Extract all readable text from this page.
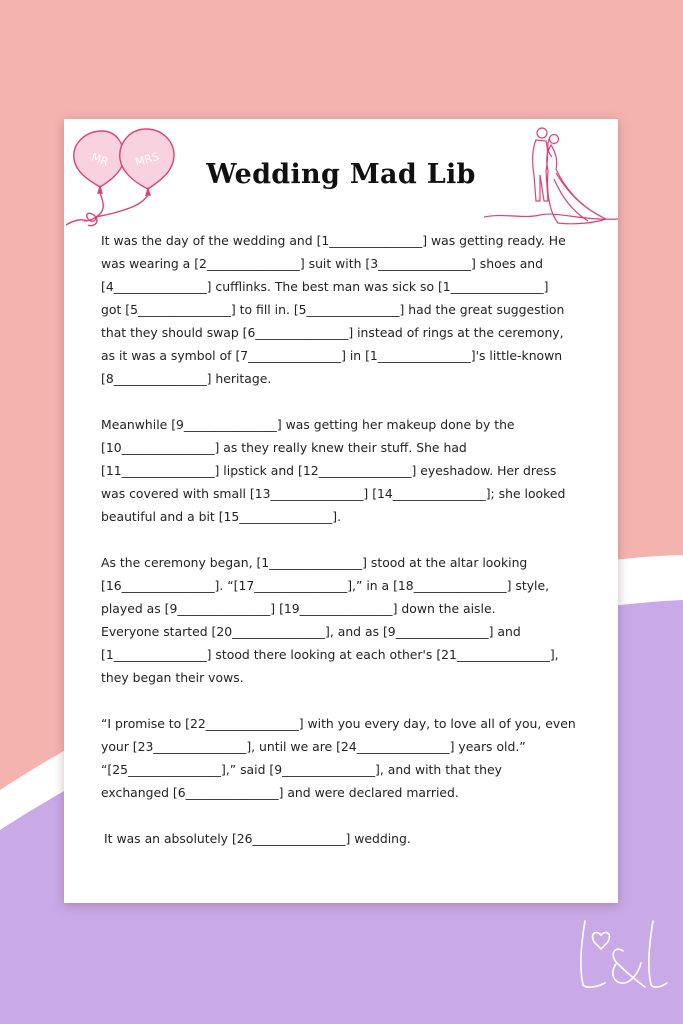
MR MRS	Wedding Mad Lib

It was the day of the wedding and [1_______________] was getting ready. He
was wearing a [2_______________] suit with [3_______________] shoes and
[4_______________] cufflinks. The best man was sick so [1_______________]
got [5_______________] to fill in. [5_______________] had the great suggestion
that they should swap [6_______________] instead of rings at the ceremony,
as it was a symbol of [7_______________] in [1_______________]'s little-known
[8_______________] heritage.

Meanwhile [9_______________] was getting her makeup done by the
[10_______________] as they really knew their stuff. She had
[11_______________] lipstick and [12_______________] eyeshadow. Her dress
was covered with small [13_______________] [14_______________]; she looked
beautiful and a bit [15_______________].

As the ceremony began, [1_______________] stood at the altar looking
[16_______________]. “[17_______________],” in a [18_______________] style,
played as [9_______________] [19_______________] down the aisle.
Everyone started [20_______________], and as [9_______________] and
[1_______________] stood there looking at each other's [21_______________],
they began their vows.

“I promise to [22_______________] with you every day, to love all of you, even
your [23_______________], until we are [24_______________] years old.”
“[25_______________],” said [9_______________], and with that they
exchanged [6_______________] and were declared married.

It was an absolutely [26_______________] wedding.
